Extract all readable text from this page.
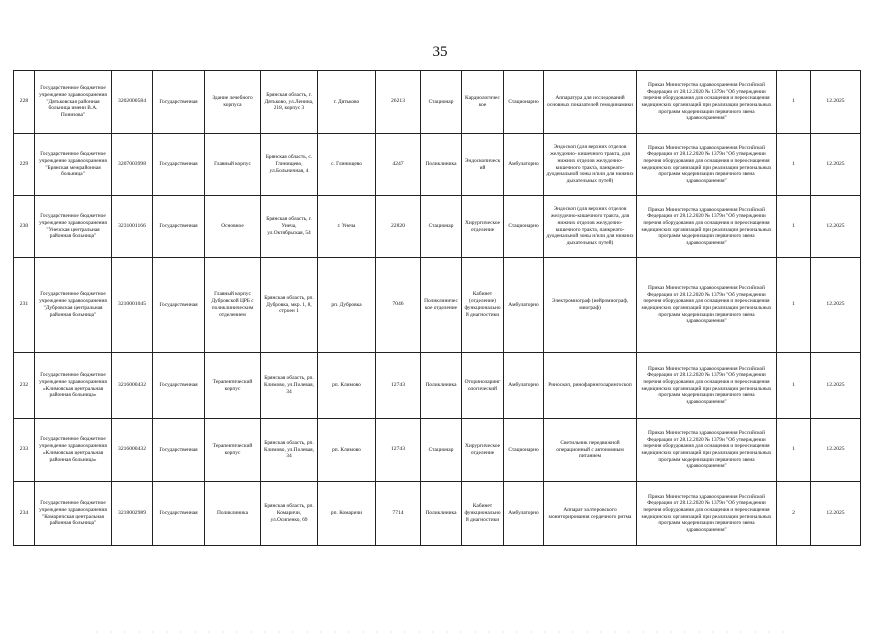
35
228	Государственное бюджетное учреждение здравоохранения "Дятьковская районная больница имени В.А. Понизова"	3202000584	Государственная	Здание лечебного корпуса	Брянская область, г. Дятьково, ул.Ленина, 218, корпус 3	г. Дятьково	26213	Стационар	Кардиологическое	Стационарно	Аппаратура для исследований основных показателей гемодинамики	Приказ Министерства здравоохранения Российской Федерации от 28.12.2020 № 1379н "Об утверждении перечня оборудования для оснащения и переоснащения медицинских организаций при реализации региональных программ модернизации первичного звена здравоохранения"	1	12.2025
229	Государственное бюджетное учреждение здравоохранения "Брянская межрайонная больница"	3207003998	Государственная	Главный корпус	Брянская область, с. Глинищево, ул.Больничная, 4	с. Глинищево	4247	Поликлиника	Эндоскопический	Амбулаторно	Эндоскоп (для верхних отделов желудочно- кишечного тракта, для нижних отделов желудочно-кишечного тракта, панкреато-дуоденальной зоны и/или для нижних дыхательных путей)	Приказ Министерства здравоохранения Российской Федерации от 28.12.2020 № 1379н "Об утверждении перечня оборудования для оснащения и переоснащения медицинских организаций при реализации региональных программ модернизации первичного звена здравоохранения"	1	12.2025
230	Государственное бюджетное учреждение здравоохранения "Унечская центральная районная больница"	3231001166	Государственная	Основное	Брянская область, г. Унеча, ул.Октябрьская, 54	г. Унеча	22820	Стационар	Хирургическое отделение	Стационарно	Эндоскоп (для верхних отделов желудочно-кишечного тракта, для нижних отделов желудочно-кишечного тракта, панкреато-дуоденальной зоны и/или для нижних дыхательных путей)	Приказ Министерства здравоохранения Российской Федерации от 28.12.2020 № 1379н "Об утверждении перечня оборудования для оснащения и переоснащения медицинских организаций при реализации региональных программ модернизации первичного звена здравоохранения"	1	12.2025
231	Государственное бюджетное учреждение здравоохранения "Дубровская центральная районная больница"	3210001045	Государственная	Главный корпус Дубровской ЦРБ с поликлиническим отделением	Брянская область, рп. Дубровка, мкр. 1, 8, строен 1	рп. Дубровка	7046	Поликлиническое отделение	Кабинет (отделение) функционально й диагностики	Амбулаторно	Электромиограф (нейромиограф, миограф)	Приказ Министерства здравоохранения Российской Федерации от 28.12.2020 № 1379н "Об утверждении перечня оборудования для оснащения и переоснащения медицинских организаций при реализации региональных программ модернизации первичного звена здравоохранения"	1	12.2025
232	Государственное бюджетное учреждение здравоохранения «Климовская центральная районная больница»	3216000432	Государственная	Терапевтический корпус	Брянская область, рп. Климово, ул.Полевая, 34	рп. Климово	12743	Поликлиника	Оториноларингологический	Амбулаторно	Риноскоп, ринофаринголарингоскоп	Приказ Министерства здравоохранения Российской Федерации от 28.12.2020 № 1379н "Об утверждении перечня оборудования для оснащения и переоснащения медицинских организаций при реализации региональных программ модернизации первичного звена здравоохранения"	1	12.2025
233	Государственное бюджетное учреждение здравоохранения «Климовская центральная районная больница»	3216000432	Государственная	Терапевтический корпус	Брянская область, рп. Климово, ул.Полевая, 34	рп. Климово	12743	Стационар	Хирургическое отделение	Стационарно	Светильник передвижной операционный с автономным питанием	Приказ Министерства здравоохранения Российской Федерации от 28.12.2020 № 1379н "Об утверждении перечня оборудования для оснащения и переоснащения медицинских организаций при реализации региональных программ модернизации первичного звена здравоохранения"	1	12.2025
234	Государственное бюджетное учреждение здравоохранения "Комаричская центральная районная больница"	3218002989	Государственная	Поликлиника	Брянская область, рп. Комаричи, ул.Осипенко, 69	рп. Комаричи	7714	Поликлиника	Кабинет функционально й диагностики	Амбулаторно	Аппарат холтеровского мониторирования сердечного ритма	Приказ Министерства здравоохранения Российской Федерации от 28.12.2020 № 1379н "Об утверждении перечня оборудования для оснащения и переоснащения медицинских организаций при реализации региональных программ модернизации первичного звена здравоохранения"	2	12.2025
